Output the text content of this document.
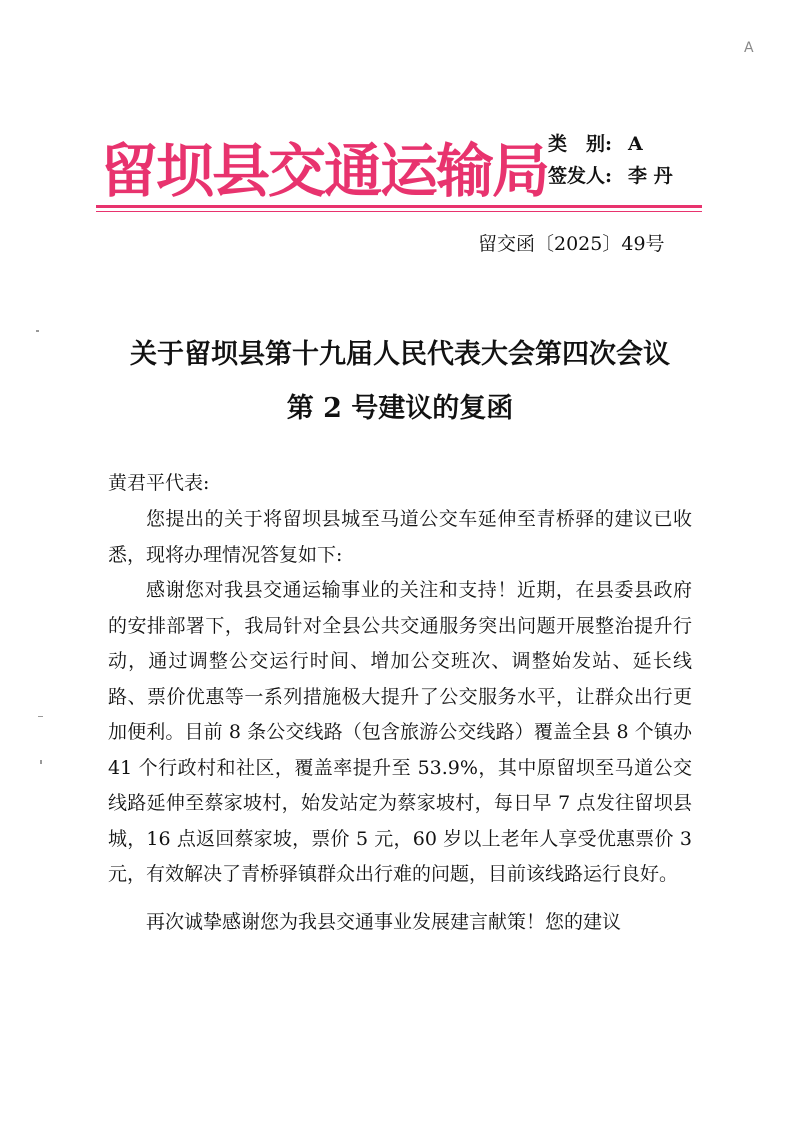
A
留坝县交通运输局 类　别: A
签发人: 李 丹
留交函〔2025〕49号
关于留坝县第十九届人民代表大会第四次会议
第 2 号建议的复函
黄君平代表:

您提出的关于将留坝县城至马道公交车延伸至青桥驿的建议已收悉，现将办理情况答复如下:

感谢您对我县交通运输事业的关注和支持！近期，在县委县政府的安排部署下，我局针对全县公共交通服务突出问题开展整治提升行动，通过调整公交运行时间、增加公交班次、调整始发站、延长线路、票价优惠等一系列措施极大提升了公交服务水平，让群众出行更加便利。目前 8 条公交线路（包含旅游公交线路）覆盖全县 8 个镇办 41 个行政村和社区，覆盖率提升至 53.9%，其中原留坝至马道公交线路延伸至蔡家坡村，始发站定为蔡家坡村，每日早 7 点发往留坝县城，16 点返回蔡家坡，票价 5 元，60 岁以上老年人享受优惠票价 3 元，有效解决了青桥驿镇群众出行难的问题，目前该线路运行良好。

再次诚挚感谢您为我县交通事业发展建言献策！您的建议
